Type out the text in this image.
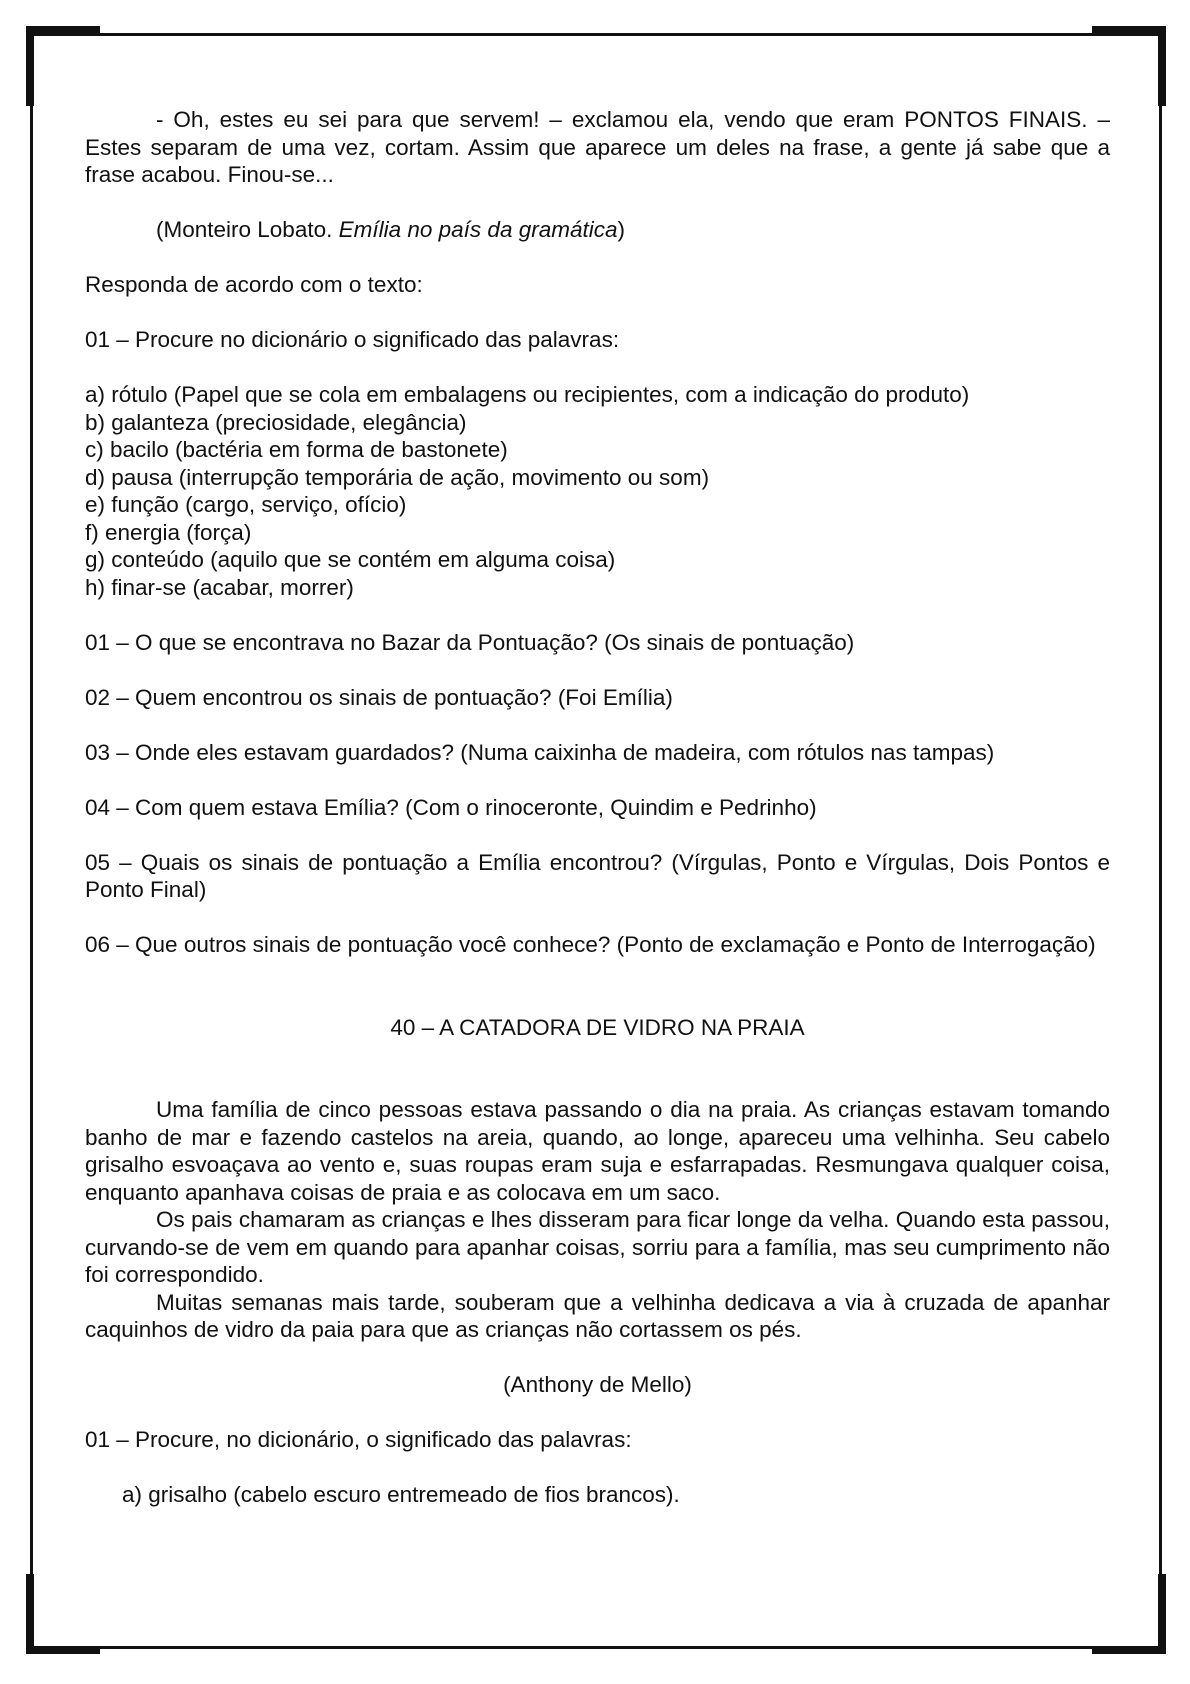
- Oh, estes eu sei para que servem! – exclamou ela, vendo que eram PONTOS FINAIS. – Estes separam de uma vez, cortam. Assim que aparece um deles na frase, a gente já sabe que a frase acabou. Finou-se...

(Monteiro Lobato. Emília no país da gramática)

Responda de acordo com o texto:

01 – Procure no dicionário o significado das palavras:

a) rótulo (Papel que se cola em embalagens ou recipientes, com a indicação do produto)
b) galanteza (preciosidade, elegância)
c) bacilo (bactéria em forma de bastonete)
d) pausa (interrupção temporária de ação, movimento ou som)
e) função (cargo, serviço, ofício)
f) energia (força)
g) conteúdo (aquilo que se contém em alguma coisa)
h) finar-se (acabar, morrer)

01 – O que se encontrava no Bazar da Pontuação? (Os sinais de pontuação)

02 – Quem encontrou os sinais de pontuação? (Foi Emília)

03 – Onde eles estavam guardados? (Numa caixinha de madeira, com rótulos nas tampas)

04 – Com quem estava Emília? (Com o rinoceronte, Quindim e Pedrinho)

05 – Quais os sinais de pontuação a Emília encontrou? (Vírgulas, Ponto e Vírgulas, Dois Pontos e Ponto Final)

06 – Que outros sinais de pontuação você conhece? (Ponto de exclamação e Ponto de Interrogação)

40 – A CATADORA DE VIDRO NA PRAIA

Uma família de cinco pessoas estava passando o dia na praia. As crianças estavam tomando banho de mar e fazendo castelos na areia, quando, ao longe, apareceu uma velhinha. Seu cabelo grisalho esvoaçava ao vento e, suas roupas eram suja e esfarrapadas. Resmungava qualquer coisa, enquanto apanhava coisas de praia e as colocava em um saco.

Os pais chamaram as crianças e lhes disseram para ficar longe da velha. Quando esta passou, curvando-se de vem em quando para apanhar coisas, sorriu para a família, mas seu cumprimento não foi correspondido.

Muitas semanas mais tarde, souberam que a velhinha dedicava a via à cruzada de apanhar caquinhos de vidro da paia para que as crianças não cortassem os pés.

(Anthony de Mello)

01 – Procure, no dicionário, o significado das palavras:

a) grisalho (cabelo escuro entremeado de fios brancos).
